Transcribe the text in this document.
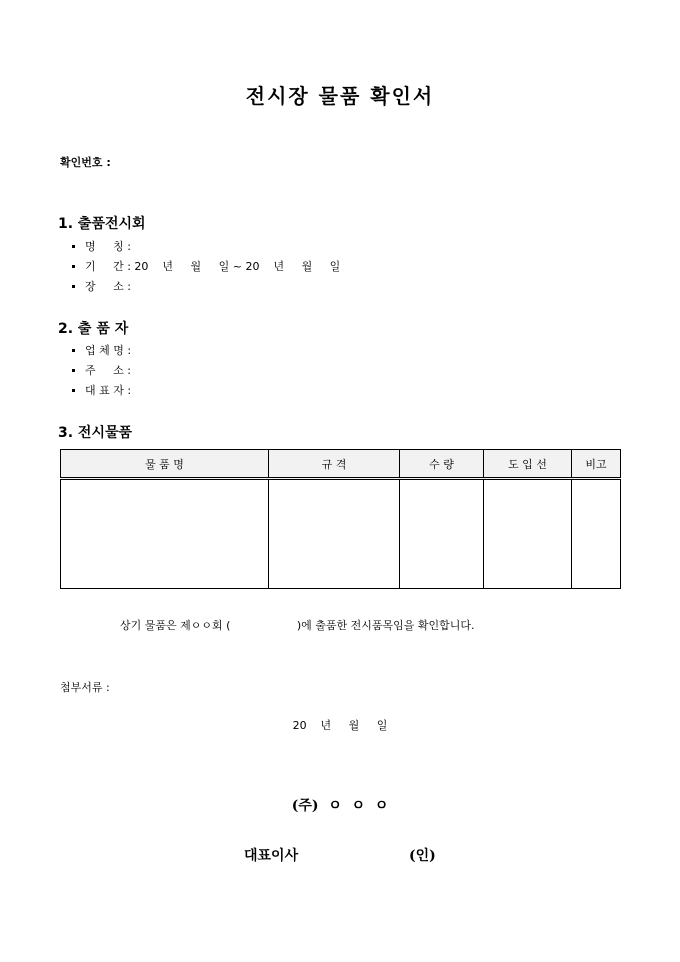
전시장 물품 확인서
확인번호 :
1. 출품전시회
명     칭 :
기     간 : 20    년     월     일 ~ 20    년     월     일
장     소 :
2. 출 품 자
업 체 명 :
주     소 :
대 표 자 :
3. 전시물품
물 품 명	규 격	수 량	도 입 선	비고

상기 물품은 제ㅇㅇ회 (                   )에 출품한 전시품목임을 확인합니다.
첨부서류 :
20    년     월     일
(주)  ㅇ  ㅇ  ㅇ
대표이사	(인)
